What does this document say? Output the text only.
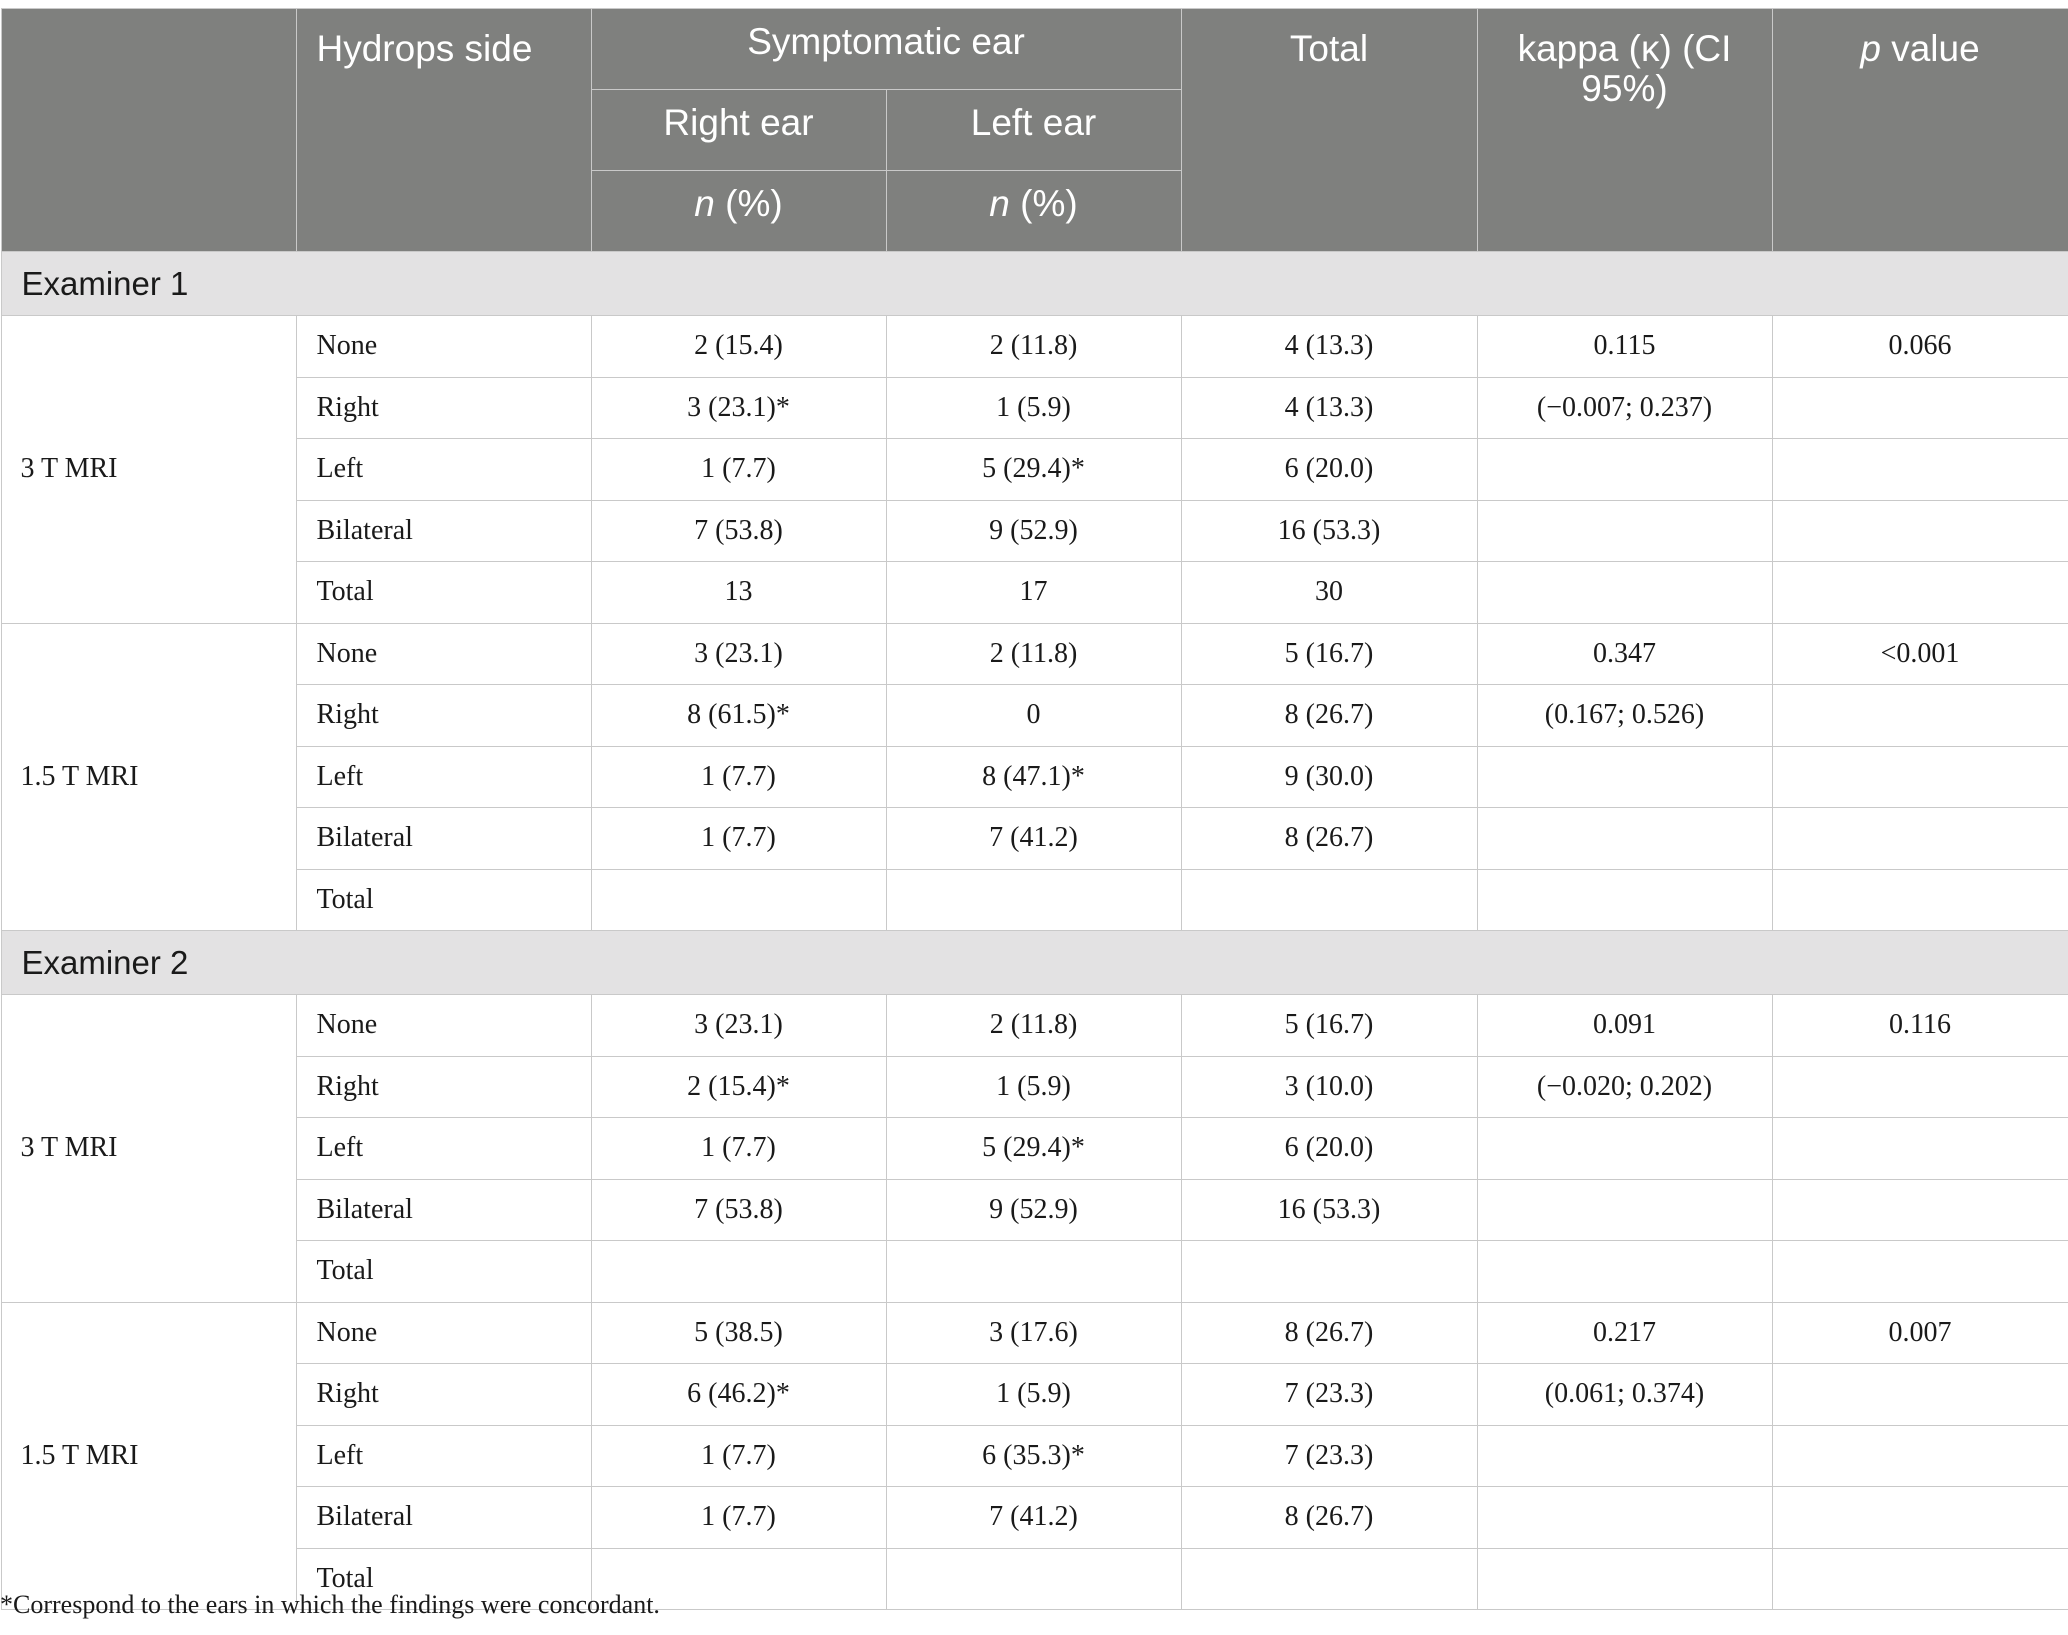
	Hydrops side	Symptomatic ear		Total	kappa (κ) (CI 95%)	p value
		Right ear	Left ear			
		n (%)	n (%)			
Examiner 1						
3 T MRI	None	2 (15.4)	2 (11.8)	4 (13.3)	0.115	0.066
	Right	3 (23.1)*	1 (5.9)	4 (13.3)	(−0.007; 0.237)	
	Left	1 (7.7)	5 (29.4)*	6 (20.0)		
	Bilateral	7 (53.8)	9 (52.9)	16 (53.3)		
	Total	13	17	30		
1.5 T MRI	None	3 (23.1)	2 (11.8)	5 (16.7)	0.347	<0.001
	Right	8 (61.5)*	0	8 (26.7)	(0.167; 0.526)	
	Left	1 (7.7)	8 (47.1)*	9 (30.0)		
	Bilateral	1 (7.7)	7 (41.2)	8 (26.7)		
	Total					
Examiner 2						
3 T MRI	None	3 (23.1)	2 (11.8)	5 (16.7)	0.091	0.116
	Right	2 (15.4)*	1 (5.9)	3 (10.0)	(−0.020; 0.202)	
	Left	1 (7.7)	5 (29.4)*	6 (20.0)		
	Bilateral	7 (53.8)	9 (52.9)	16 (53.3)		
	Total					
1.5 T MRI	None	5 (38.5)	3 (17.6)	8 (26.7)	0.217	0.007
	Right	6 (46.2)*	1 (5.9)	7 (23.3)	(0.061; 0.374)	
	Left	1 (7.7)	6 (35.3)*	7 (23.3)		
	Bilateral	1 (7.7)	7 (41.2)	8 (26.7)		
	Total					
*Correspond to the ears in which the findings were concordant.
